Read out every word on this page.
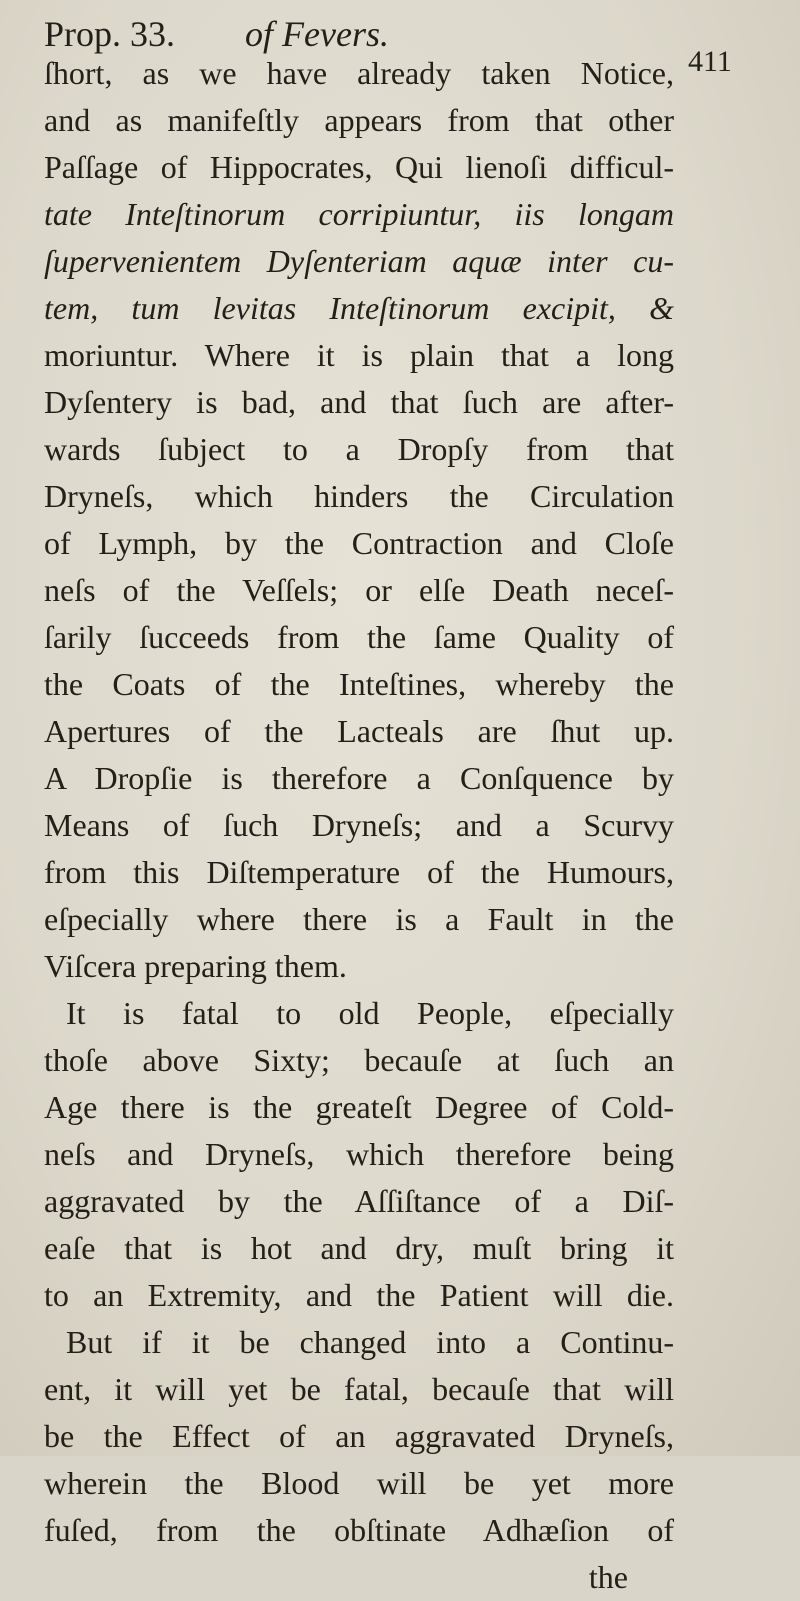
Prop. 33. of Fevers.
411
ſhort, as we have already taken Notice,
and as manifeſtly appears from that other
Paſſage of Hippocrates, Qui lienoſi difficul-
tate Inteſtinorum corripiuntur, iis longam
ſupervenientem Dyſenteriam aquæ inter cu-
tem, tum levitas Inteſtinorum excipit, &
moriuntur. Where it is plain that a long
Dyſentery is bad, and that ſuch are after-
wards ſubject to a Dropſy from that
Dryneſs, which hinders the Circulation
of Lymph, by the Contraction and Cloſe
neſs of the Veſſels; or elſe Death neceſ-
ſarily ſucceeds from the ſame Quality of
the Coats of the Inteſtines, whereby the
Apertures of the Lacteals are ſhut up.
A Dropſie is therefore a Conſquence by
Means of ſuch Dryneſs; and a Scurvy
from this Diſtemperature of the Humours,
eſpecially where there is a Fault in the
Viſcera preparing them.
It is fatal to old People, eſpecially
thoſe above Sixty; becauſe at ſuch an
Age there is the greateſt Degree of Cold-
neſs and Dryneſs, which therefore being
aggravated by the Aſſiſtance of a Diſ-
eaſe that is hot and dry, muſt bring it
to an Extremity, and the Patient will die.
But if it be changed into a Continu-
ent, it will yet be fatal, becauſe that will
be the Effect of an aggravated Dryneſs,
wherein the Blood will be yet more
fuſed, from the obſtinate Adhæſion of
the
